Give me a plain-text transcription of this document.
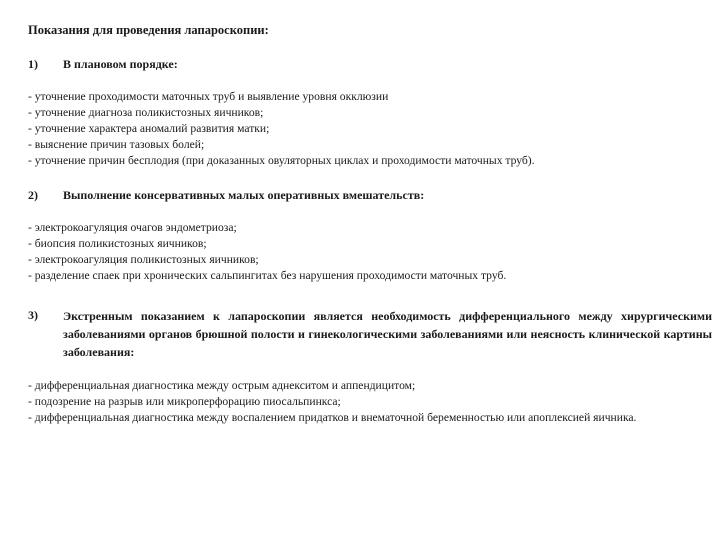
Показания для проведения лапароскопии:
1)	В плановом порядке:
- уточнение проходимости маточных труб и выявление уровня окклюзии
- уточнение диагноза поликистозных яичников;
- уточнение характера аномалий развития матки;
- выяснение причин тазовых болей;
- уточнение причин бесплодия (при доказанных овуляторных циклах и проходимости маточных труб).
2)	Выполнение консервативных малых оперативных вмешательств:
- электрокоагуляция очагов эндометриоза;
- биопсия поликистозных яичников;
- электрокоагуляция поликистозных яичников;
- разделение спаек при хронических сальпингитах без нарушения проходимости маточных труб.
3)	Экстренным показанием к лапароскопии является необходимость дифференциального между хирургическими заболеваниями органов брюшной полости и гинекологическими заболеваниями или неясность клинической картины заболевания:
- дифференциальная диагностика между острым аднекситом и аппендицитом;
- подозрение на разрыв или микроперфорацию пиосальпинкса;
- дифференциальная диагностика между воспалением придатков и внематочной беременностью или апоплексией яичника.
